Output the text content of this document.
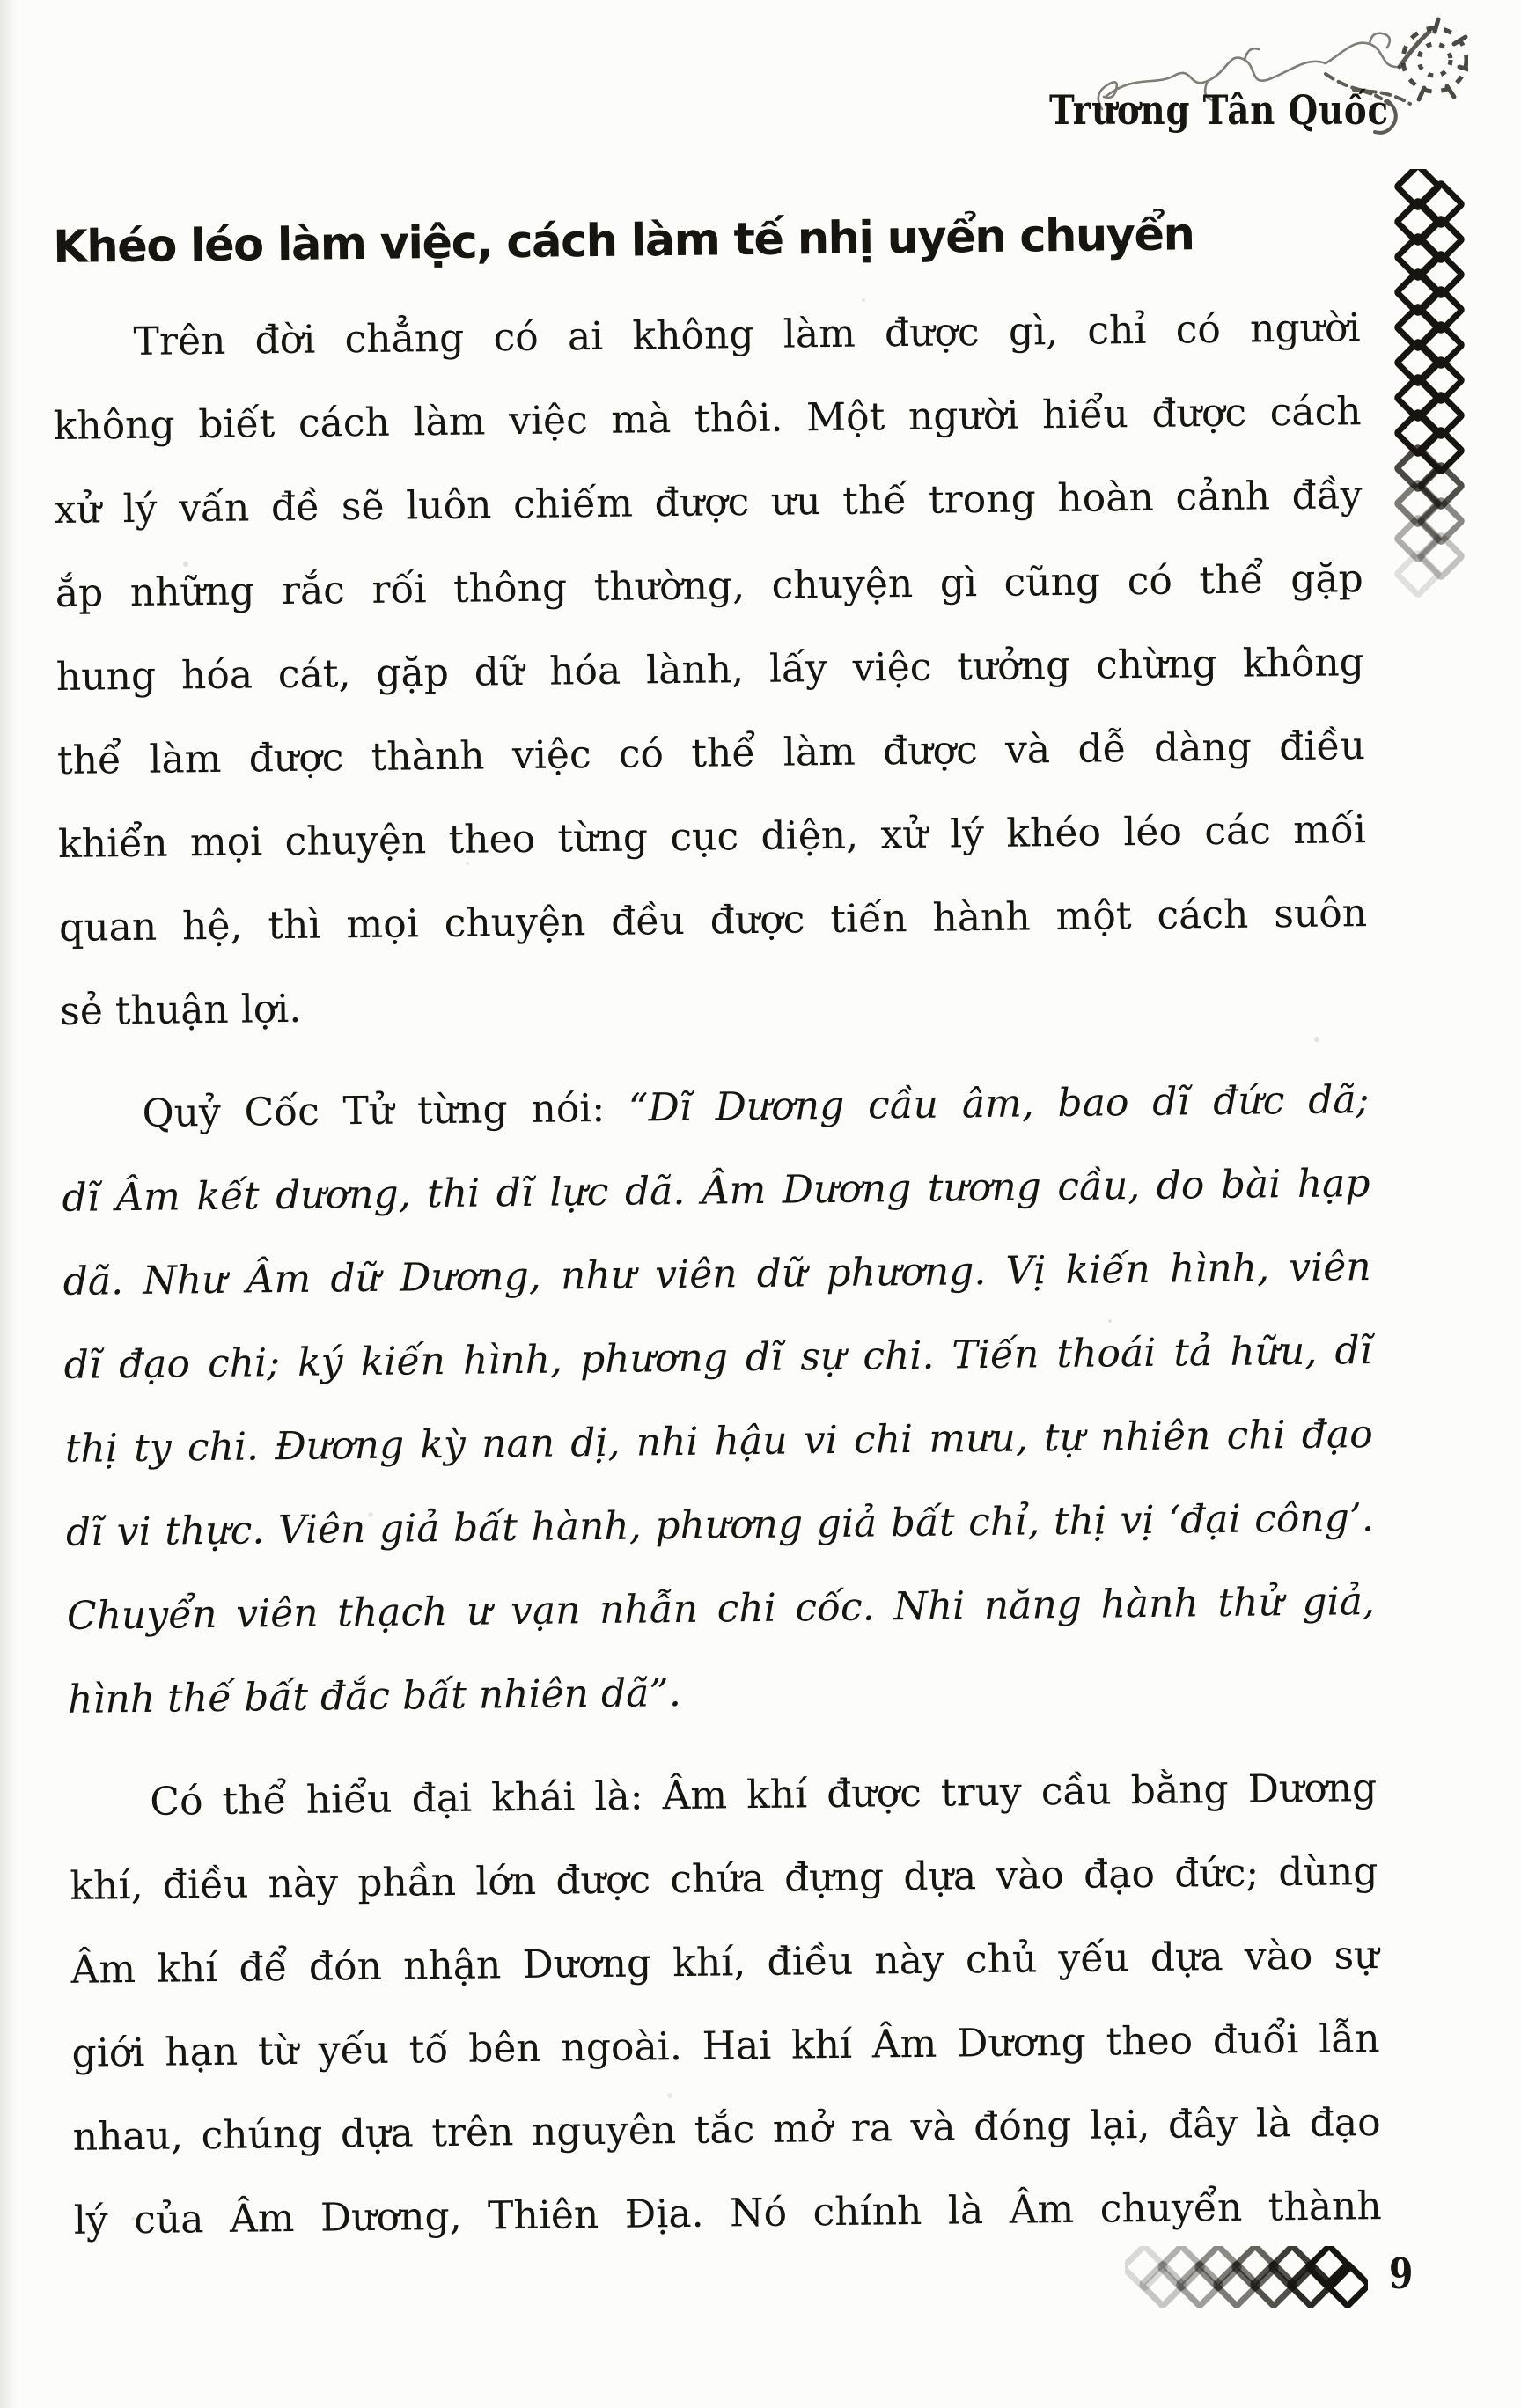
Trương Tân Quốc
Khéo léo làm việc, cách làm tế nhị uyển chuyển
Trên đời chẳng có ai không làm được gì, chỉ có người
không biết cách làm việc mà thôi. Một người hiểu được cách
xử lý vấn đề sẽ luôn chiếm được ưu thế trong hoàn cảnh đầy
ắp những rắc rối thông thường, chuyện gì cũng có thể gặp
hung hóa cát, gặp dữ hóa lành, lấy việc tưởng chừng không
thể làm được thành việc có thể làm được và dễ dàng điều
khiển mọi chuyện theo từng cục diện, xử lý khéo léo các mối
quan hệ, thì mọi chuyện đều được tiến hành một cách suôn
sẻ thuận lợi.
Quỷ Cốc Tử từng nói: “Dĩ Dương cầu âm, bao dĩ đức dã;
dĩ Âm kết dương, thi dĩ lực dã. Âm Dương tương cầu, do bài hạp
dã. Như Âm dữ Dương, như viên dữ phương. Vị kiến hình, viên
dĩ đạo chi; ký kiến hình, phương dĩ sự chi. Tiến thoái tả hữu, dĩ
thị ty chi. Đương kỳ nan dị, nhi hậu vi chi mưu, tự nhiên chi đạo
dĩ vi thực. Viên giả bất hành, phương giả bất chỉ, thị vị ‘đại công’.
Chuyển viên thạch ư vạn nhẫn chi cốc. Nhi năng hành thử giả,
hình thế bất đắc bất nhiên dã”.
Có thể hiểu đại khái là: Âm khí được truy cầu bằng Dương
khí, điều này phần lớn được chứa đựng dựa vào đạo đức; dùng
Âm khí để đón nhận Dương khí, điều này chủ yếu dựa vào sự
giới hạn từ yếu tố bên ngoài. Hai khí Âm Dương theo đuổi lẫn
nhau, chúng dựa trên nguyên tắc mở ra và đóng lại, đây là đạo
lý của Âm Dương, Thiên Địa. Nó chính là Âm chuyển thành
9
